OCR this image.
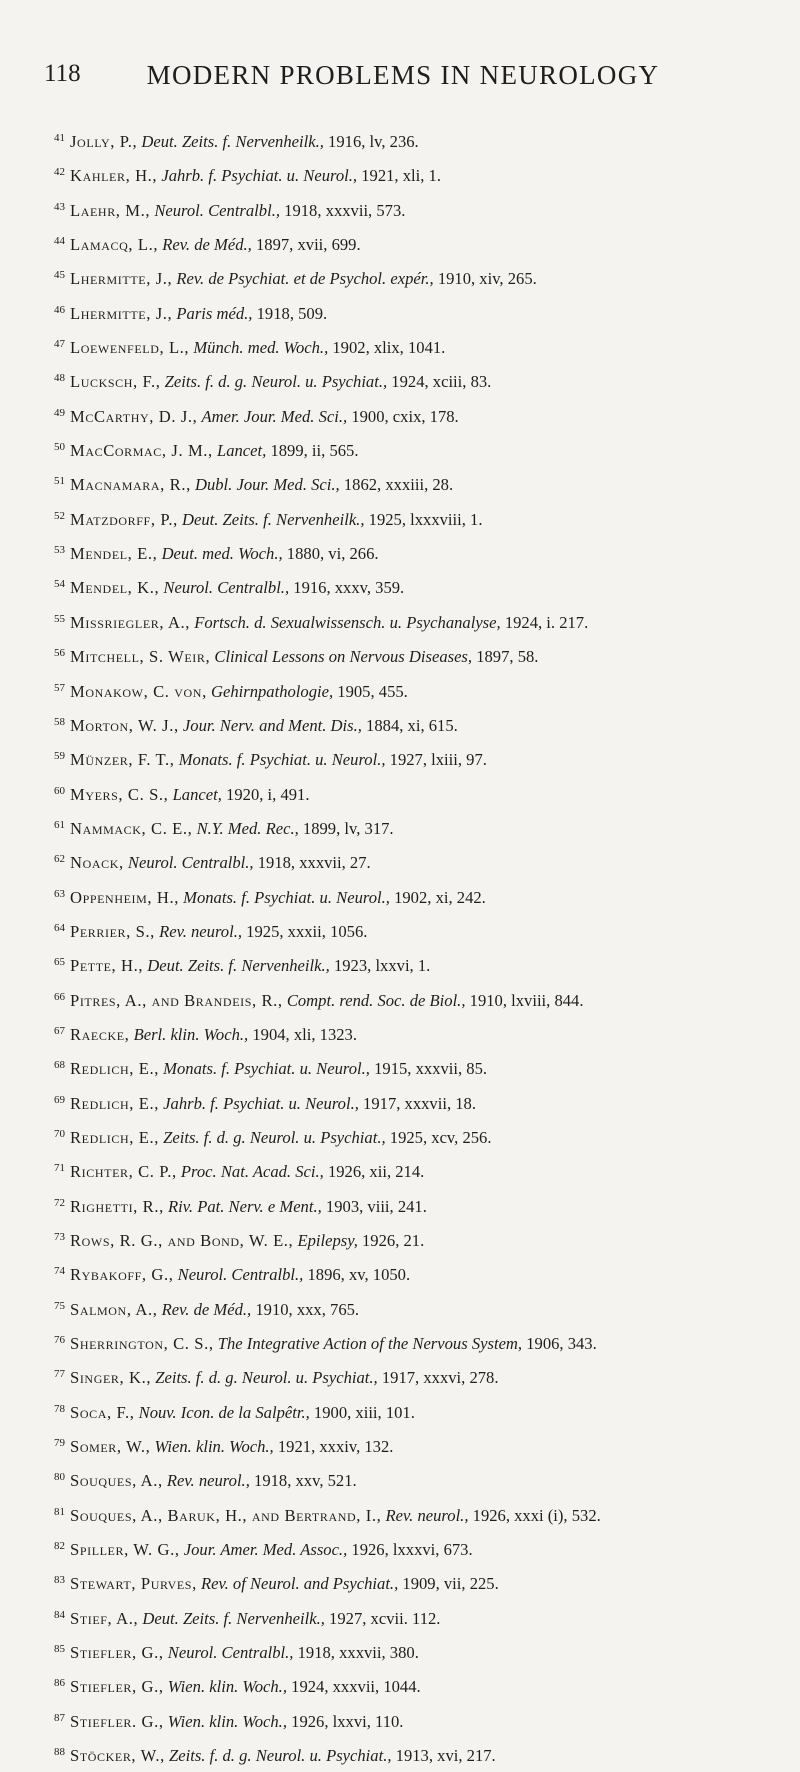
118	MODERN PROBLEMS IN NEUROLOGY
$^{41}$ Jolly, P., Deut. Zeits. f. Nervenheilk., 1916, lv, 236.
$^{42}$ Kahler, H., Jahrb. f. Psychiat. u. Neurol., 1921, xli, 1.
$^{43}$ Laehr, M., Neurol. Centralbl., 1918, xxxvii, 573.
$^{44}$ Lamacq, L., Rev. de Méd., 1897, xvii, 699.
$^{45}$ Lhermitte, J., Rev. de Psychiat. et de Psychol. expér., 1910, xiv, 265.
$^{46}$ Lhermitte, J., Paris méd., 1918, 509.
$^{47}$ Loewenfeld, L., Münch. med. Woch., 1902, xlix, 1041.
$^{48}$ Lucksch, F., Zeits. f. d. g. Neurol. u. Psychiat., 1924, xciii, 83.
$^{49}$ McCarthy, D. J., Amer. Jour. Med. Sci., 1900, cxix, 178.
$^{50}$ MacCormac, J. M., Lancet, 1899, ii, 565.
$^{51}$ Macnamara, R., Dubl. Jour. Med. Sci., 1862, xxxiii, 28.
$^{52}$ Matzdorff, P., Deut. Zeits. f. Nervenheilk., 1925, lxxxviii, 1.
$^{53}$ Mendel, E., Deut. med. Woch., 1880, vi, 266.
$^{54}$ Mendel, K., Neurol. Centralbl., 1916, xxxv, 359.
$^{55}$ Missriegler, A., Fortsch. d. Sexualwissensch. u. Psychanalyse, 1924, i. 217.
$^{56}$ Mitchell, S. Weir, Clinical Lessons on Nervous Diseases, 1897, 58.
$^{57}$ Monakow, C. von, Gehirnpathologie, 1905, 455.
$^{58}$ Morton, W. J., Jour. Nerv. and Ment. Dis., 1884, xi, 615.
$^{59}$ Münzer, F. T., Monats. f. Psychiat. u. Neurol., 1927, lxiii, 97.
$^{60}$ Myers, C. S., Lancet, 1920, i, 491.
$^{61}$ Nammack, C. E., N.Y. Med. Rec., 1899, lv, 317.
$^{62}$ Noack, Neurol. Centralbl., 1918, xxxvii, 27.
$^{63}$ Oppenheim, H., Monats. f. Psychiat. u. Neurol., 1902, xi, 242.
$^{64}$ Perrier, S., Rev. neurol., 1925, xxxii, 1056.
$^{65}$ Pette, H., Deut. Zeits. f. Nervenheilk., 1923, lxxvi, 1.
$^{66}$ Pitres, A., and Brandeis, R., Compt. rend. Soc. de Biol., 1910, lxviii, 844.
$^{67}$ Raecke, Berl. klin. Woch., 1904, xli, 1323.
$^{68}$ Redlich, E., Monats. f. Psychiat. u. Neurol., 1915, xxxvii, 85.
$^{69}$ Redlich, E., Jahrb. f. Psychiat. u. Neurol., 1917, xxxvii, 18.
$^{70}$ Redlich, E., Zeits. f. d. g. Neurol. u. Psychiat., 1925, xcv, 256.
$^{71}$ Richter, C. P., Proc. Nat. Acad. Sci., 1926, xii, 214.
$^{72}$ Righetti, R., Riv. Pat. Nerv. e Ment., 1903, viii, 241.
$^{73}$ Rows, R. G., and Bond, W. E., Epilepsy, 1926, 21.
$^{74}$ Rybakoff, G., Neurol. Centralbl., 1896, xv, 1050.
$^{75}$ Salmon, A., Rev. de Méd., 1910, xxx, 765.
$^{76}$ Sherrington, C. S., The Integrative Action of the Nervous System, 1906, 343.
$^{77}$ Singer, K., Zeits. f. d. g. Neurol. u. Psychiat., 1917, xxxvi, 278.
$^{78}$ Soca, F., Nouv. Icon. de la Salpêtr., 1900, xiii, 101.
$^{79}$ Somer, W., Wien. klin. Woch., 1921, xxxiv, 132.
$^{80}$ Souques, A., Rev. neurol., 1918, xxv, 521.
$^{81}$ Souques, A., Baruk, H., and Bertrand, I., Rev. neurol., 1926, xxxi (i), 532.
$^{82}$ Spiller, W. G., Jour. Amer. Med. Assoc., 1926, lxxxvi, 673.
$^{83}$ Stewart, Purves, Rev. of Neurol. and Psychiat., 1909, vii, 225.
$^{84}$ Stief, A., Deut. Zeits. f. Nervenheilk., 1927, xcvii. 112.
$^{85}$ Stiefler, G., Neurol. Centralbl., 1918, xxxvii, 380.
$^{86}$ Stiefler, G., Wien. klin. Woch., 1924, xxxvii, 1044.
$^{87}$ Stiefler. G., Wien. klin. Woch., 1926, lxxvi, 110.
$^{88}$ Stöcker, W., Zeits. f. d. g. Neurol. u. Psychiat., 1913, xvi, 217.
